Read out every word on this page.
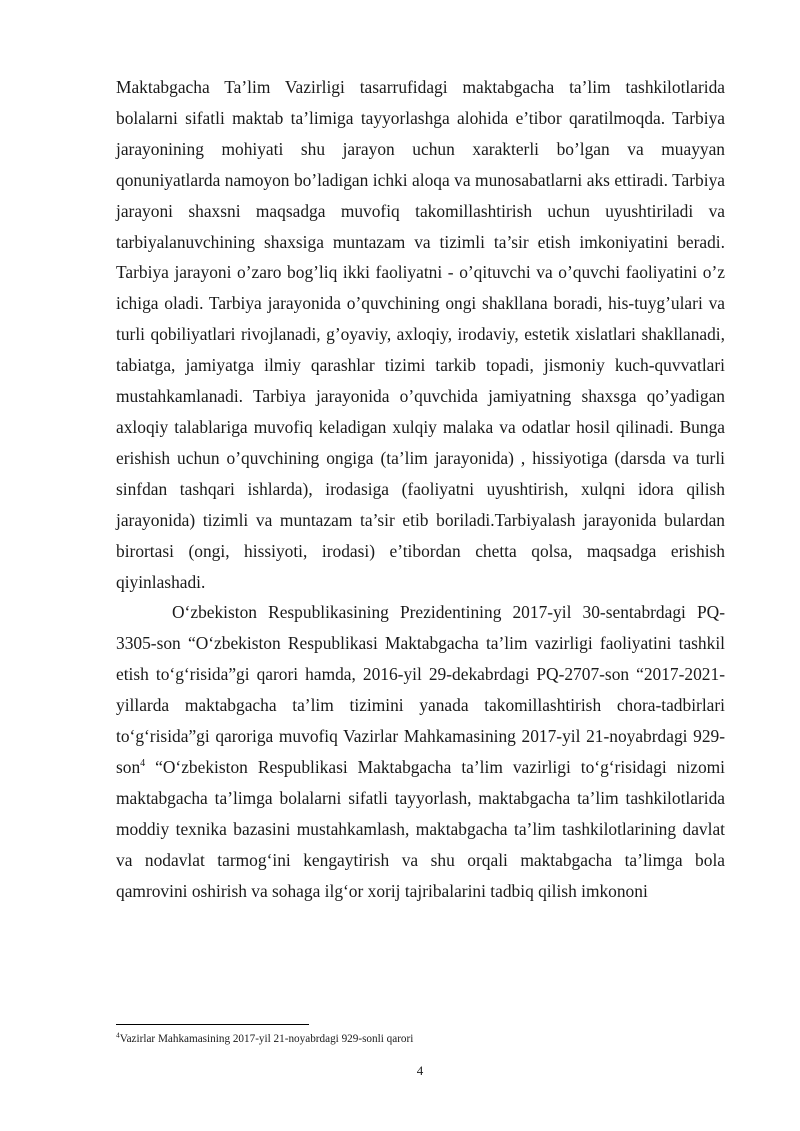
Maktabgacha Ta’lim Vazirligi tasarrufidagi maktabgacha ta’lim tashkilotlarida bolalarni sifatli maktab ta’limiga tayyorlashga alohida e’tibor qaratilmoqda. Tarbiya jarayonining mohiyati shu jarayon uchun xarakterli bo’lgan va muayyan qonuniyatlarda namoyon bo’ladigan ichki aloqa va munosabatlarni aks ettiradi. Tarbiya jarayoni shaxsni maqsadga muvofiq takomillashtirish uchun uyushtiriladi va tarbiyalanuvchining shaxsiga muntazam va tizimli ta’sir etish imkoniyatini beradi. Tarbiya jarayoni o’zaro bog’liq ikki faoliyatni - o’qituvchi va o’quvchi faoliyatini o’z ichiga oladi. Tarbiya jarayonida o’quvchining ongi shakllana boradi, his-tuyg’ulari va turli qobiliyatlari rivojlanadi, g’oyaviy, axloqiy, irodaviy, estetik xislatlari shakllanadi, tabiatga, jamiyatga ilmiy qarashlar tizimi tarkib topadi, jismoniy kuch-quvvatlari mustahkamlanadi. Tarbiya jarayonida o’quvchida jamiyatning shaxsga qo’yadigan axloqiy talablariga muvofiq keladigan xulqiy malaka va odatlar hosil qilinadi. Bunga erishish uchun o’quvchining ongiga (ta’lim jarayonida) , hissiyotiga (darsda va turli sinfdan tashqari ishlarda), irodasiga (faoliyatni uyushtirish, xulqni idora qilish jarayonida) tizimli va muntazam ta’sir etib boriladi.Tarbiyalash jarayonida bulardan birortasi (ongi, hissiyoti, irodasi) e’tibordan chetta qolsa, maqsadga erishish qiyinlashadi.

O‘zbekiston Respublikasining Prezidentining 2017-yil 30-sentabrdagi PQ-3305-son “O‘zbekiston Respublikasi Maktabgacha ta’lim vazirligi faoliyatini tashkil etish to‘g‘risida”gi qarori hamda, 2016-yil 29-dekabrdagi PQ-2707-son “2017-2021-yillarda maktabgacha ta’lim tizimini yanada takomillashtirish chora-tadbirlari to‘g‘risida”gi qaroriga muvofiq Vazirlar Mahkamasining 2017-yil 21-noyabrdagi 929-son$^4$ “O‘zbekiston Respublikasi Maktabgacha ta’lim vazirligi to‘g‘risidagi nizomi maktabgacha ta’limga bolalarni sifatli tayyorlash, maktabgacha ta’lim tashkilotlarida moddiy texnika bazasini mustahkamlash, maktabgacha ta’lim tashkilotlarining davlat va nodavlat tarmog‘ini kengaytirish va shu orqali maktabgacha ta’limga bola qamrovini oshirish va sohaga ilg‘or xorij tajribalarini tadbiq qilish imkononi

$^4$Vazirlar Mahkamasining 2017-yil 21-noyabrdagi 929-sonli qarori
4
